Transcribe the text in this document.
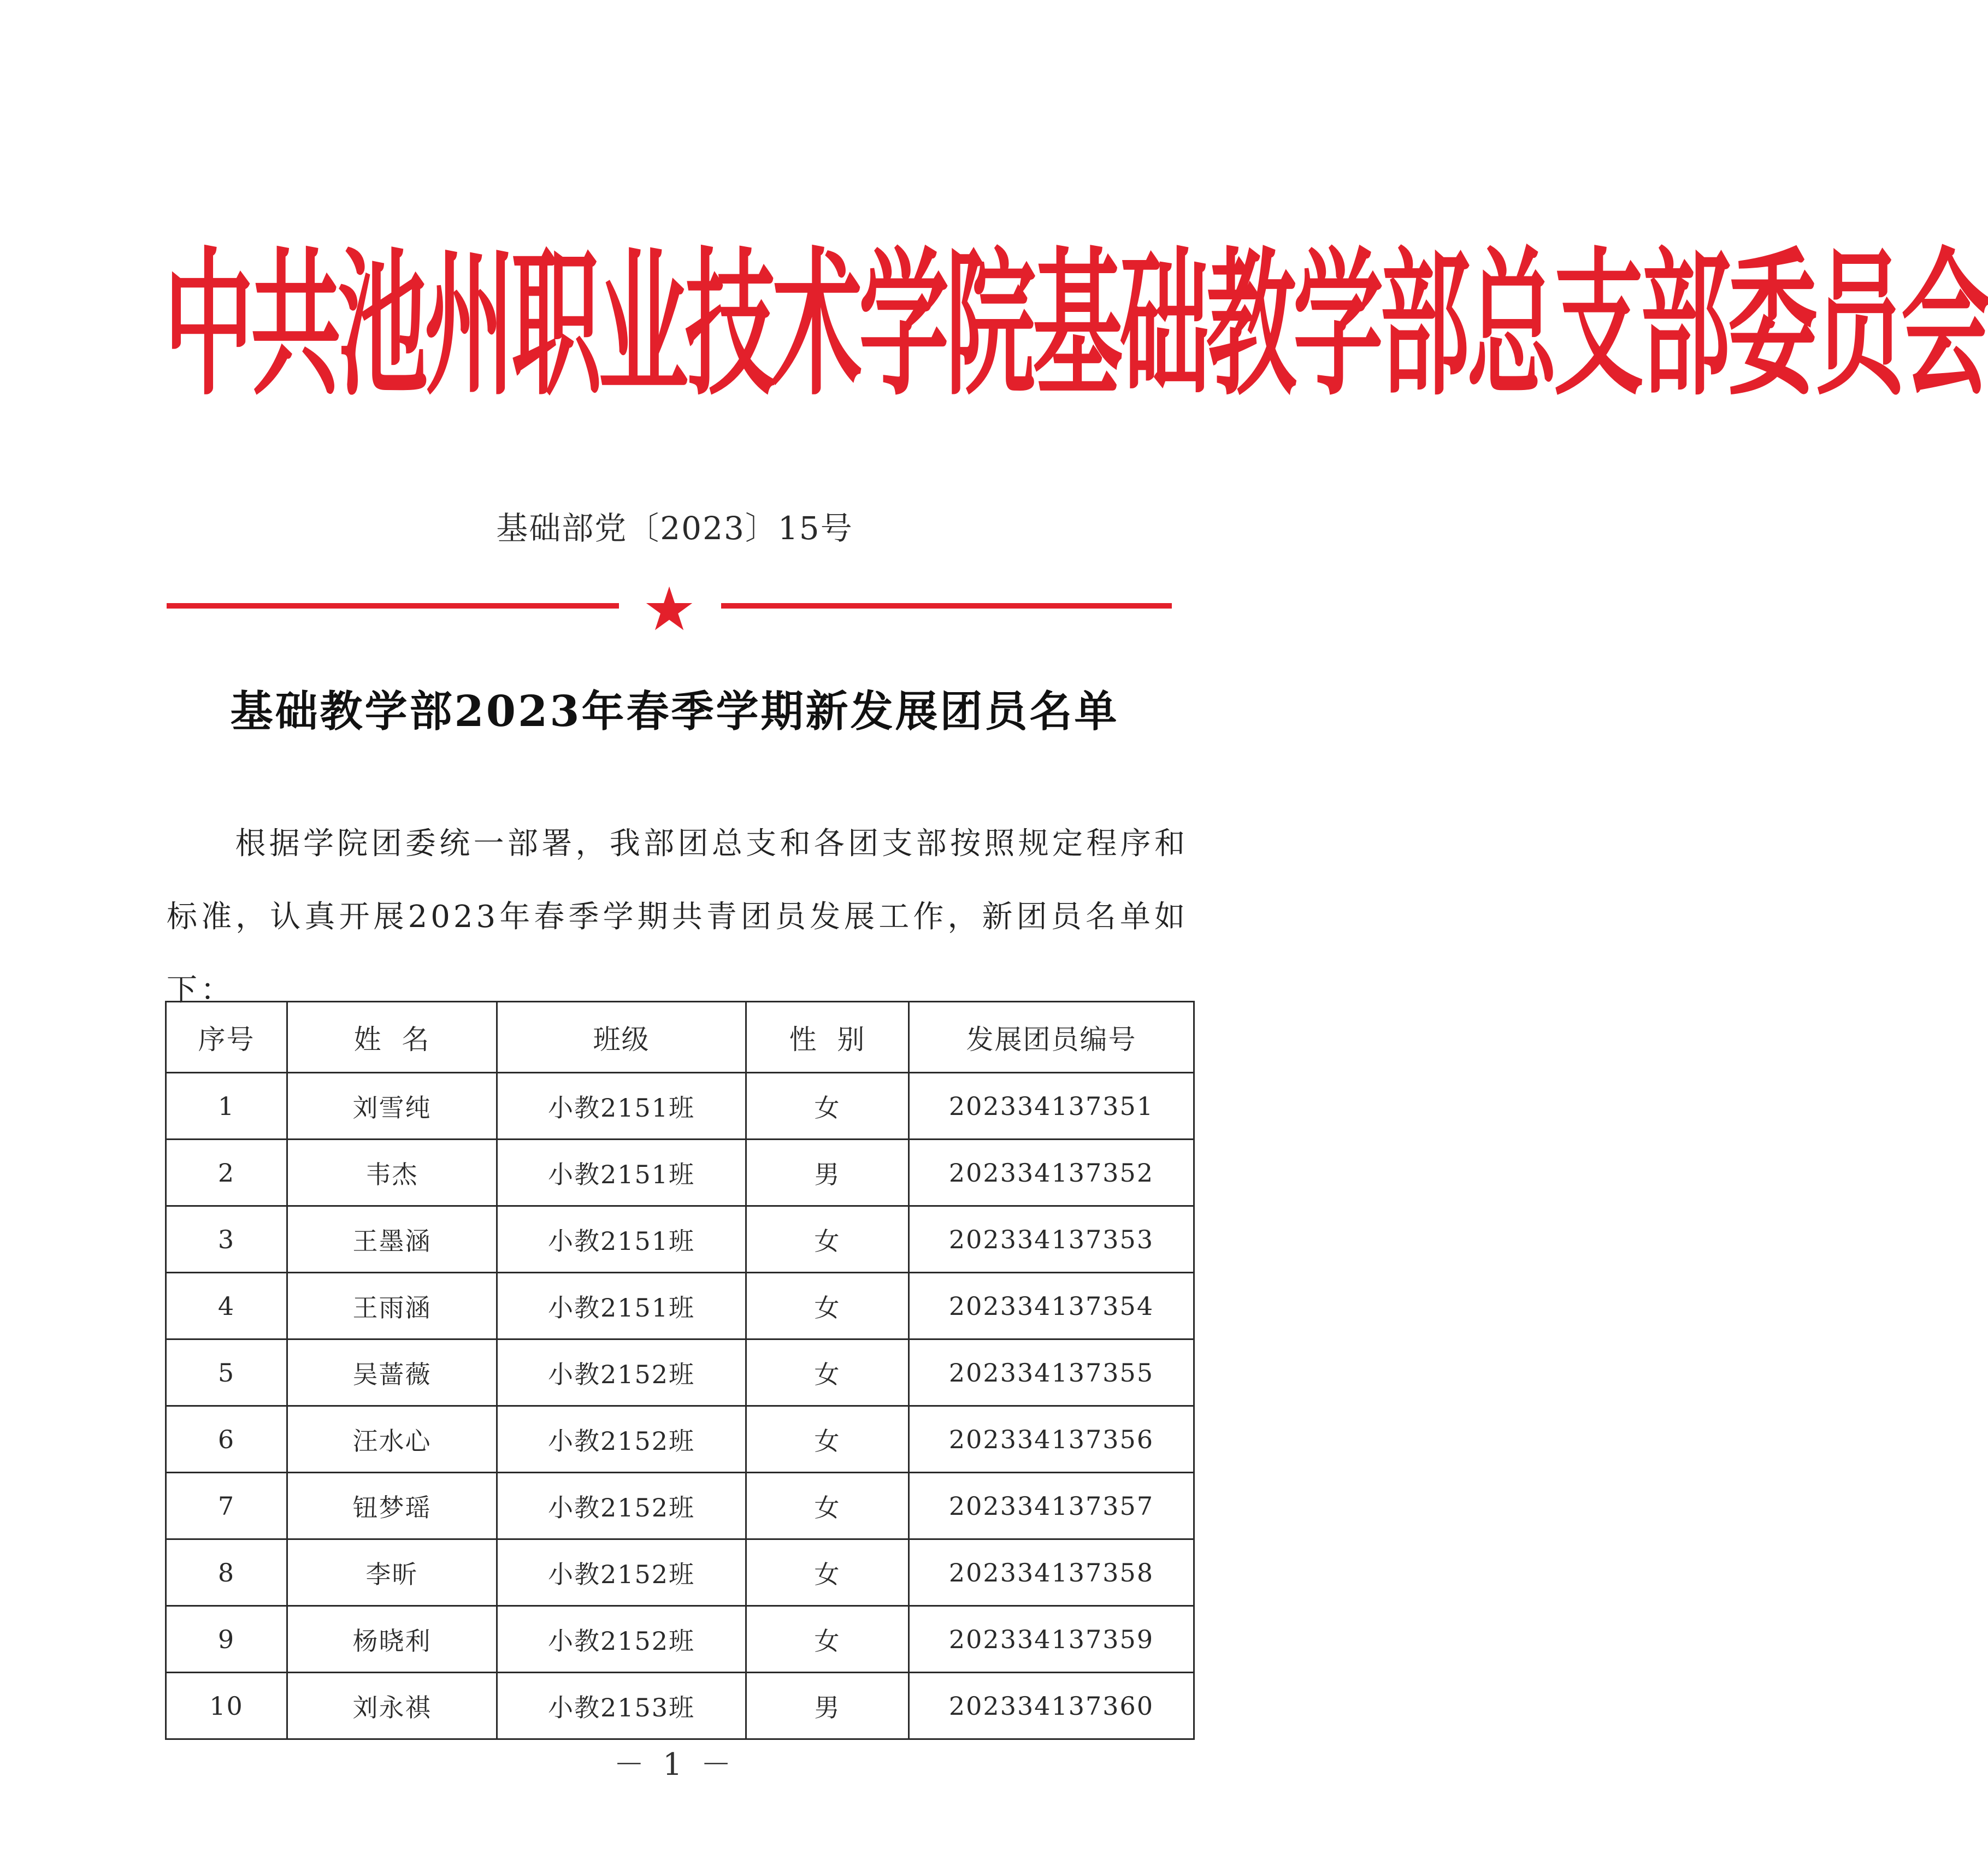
中共池州职业技术学院基础教学部总支部委员会
基础部党〔2023〕15号
★
基础教学部2023年春季学期新发展团员名单
根据学院团委统一部署，我部团总支和各团支部按照规定程序和标准，认真开展2023年春季学期共青团员发展工作，新团员名单如下：
序号	姓  名	班级	性  别	发展团员编号
1	刘雪纯	小教2151班	女	202334137351
2	韦杰	小教2151班	男	202334137352
3	王墨涵	小教2151班	女	202334137353
4	王雨涵	小教2151班	女	202334137354
5	吴蔷薇	小教2152班	女	202334137355
6	汪水心	小教2152班	女	202334137356
7	钮梦瑶	小教2152班	女	202334137357
8	李昕	小教2152班	女	202334137358
9	杨晓利	小教2152班	女	202334137359
10	刘永祺	小教2153班	男	202334137360
－ 1 －
